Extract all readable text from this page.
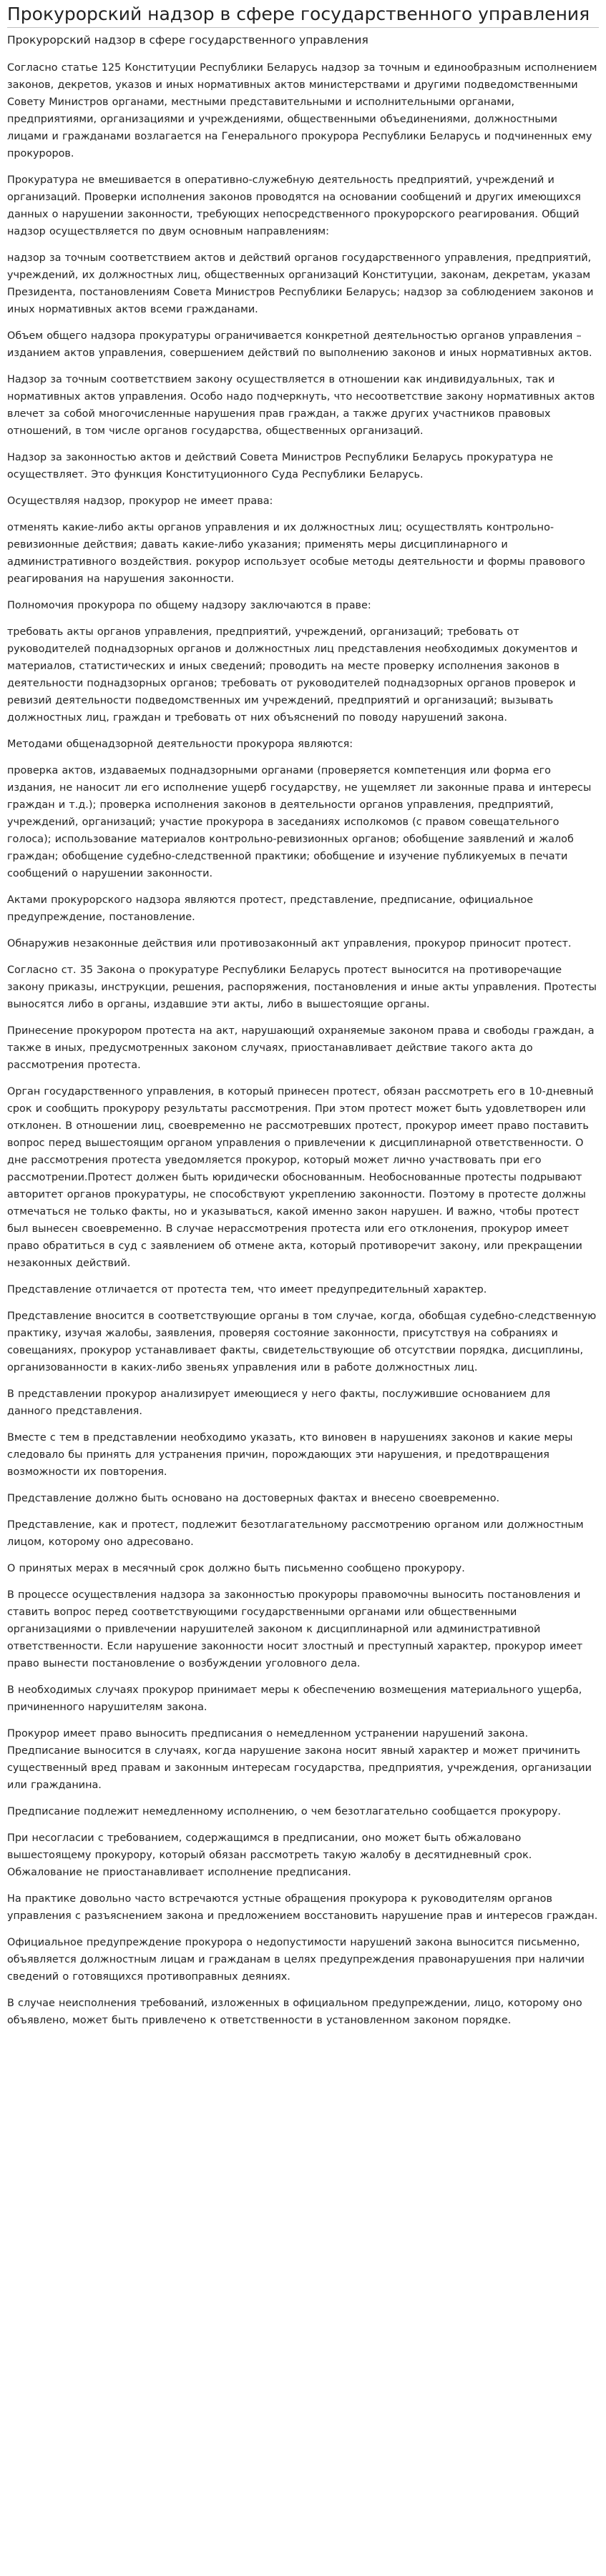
Прокурорский надзор в сфере государственного управления
Прокурорский надзор в сфере государственного управления

Согласно статье 125 Конституции Республики Беларусь надзор за точным и единообразным исполнением законов, декретов, указов и иных нормативных актов министерствами и другими подведомственными Совету Министров органами, местными представительными и исполнительными органами, предприятиями, организациями и учреждениями, общественными объединениями, должностными лицами и гражданами возлагается на Генерального прокурора Республики Беларусь и подчиненных ему прокуроров.

Прокуратура не вмешивается в оперативно-служебную деятельность предприятий, учреждений и организаций. Проверки исполнения законов проводятся на основании сообщений и других имеющихся данных о нарушении законности, требующих непосредственного прокурорского реагирования. Общий надзор осуществляется по двум основным направлениям:

надзор за точным соответствием актов и действий органов государственного управления, предприятий, учреждений, их должностных лиц, общественных организаций Конституции, законам, декретам, указам Президента, постановлениям Совета Министров Республики Беларусь; надзор за соблюдением законов и иных нормативных актов всеми гражданами.

Объем общего надзора прокуратуры ограничивается конкретной деятельностью органов управления – изданием актов управления, совершением действий по выполнению законов и иных нормативных актов.

Надзор за точным соответствием закону осуществляется в отношении как индивидуальных, так и нормативных актов управления. Особо надо подчеркнуть, что несоответствие закону нормативных актов влечет за собой многочисленные нарушения прав граждан, а также других участников правовых отношений, в том числе органов государства, общественных организаций.

Надзор за законностью актов и действий Совета Министров Республики Беларусь прокуратура не осуществляет. Это функция Конституционного Суда Республики Беларусь.

Осуществляя надзор, прокурор не имеет права:

отменять какие-либо акты органов управления и их должностных лиц; осуществлять контрольно-ревизионные действия; давать какие-либо указания; применять меры дисциплинарного и административного воздействия. рокурор использует особые методы деятельности и формы правового реагирования на нарушения законности.

Полномочия прокурора по общему надзору заключаются в праве:

требовать акты органов управления, предприятий, учреждений, организаций; требовать от руководителей поднадзорных органов и должностных лиц представления необходимых документов и материалов, статистических и иных сведений; проводить на месте проверку исполнения законов в деятельности поднадзорных органов; требовать от руководителей поднадзорных органов проверок и ревизий деятельности подведомственных им учреждений, предприятий и организаций; вызывать должностных лиц, граждан и требовать от них объяснений по поводу нарушений закона.

Методами общенадзорной деятельности прокурора являются:

проверка актов, издаваемых поднадзорными органами (проверяется компетенция или форма его издания, не наносит ли его исполнение ущерб государству, не ущемляет ли законные права и интересы граждан и т.д.); проверка исполнения законов в деятельности органов управления, предприятий, учреждений, организаций; участие прокурора в заседаниях исполкомов (с правом совещательного голоса); использование материалов контрольно-ревизионных органов; обобщение заявлений и жалоб граждан; обобщение судебно-следственной практики; обобщение и изучение публикуемых в печати сообщений о нарушении законности.

Актами прокурорского надзора являются протест, представление, предписание, официальное предупреждение, постановление.

Обнаружив незаконные действия или противозаконный акт управления, прокурор приносит протест.

Согласно ст. 35 Закона о прокуратуре Республики Беларусь протест выносится на противоречащие закону приказы, инструкции, решения, распоряжения, постановления и иные акты управления. Протесты выносятся либо в органы, издавшие эти акты, либо в вышестоящие органы.

Принесение прокурором протеста на акт, нарушающий охраняемые законом права и свободы граждан, а также в иных, предусмотренных законом случаях, приостанавливает действие такого акта до рассмотрения протеста.

Орган государственного управления, в который принесен протест, обязан рассмотреть его в 10-дневный срок и сообщить прокурору результаты рассмотрения. При этом протест может быть удовлетворен или отклонен. В отношении лиц, своевременно не рассмотревших протест, прокурор имеет право поставить вопрос перед вышестоящим органом управления о привлечении к дисциплинарной ответственности. О дне рассмотрения протеста уведомляется прокурор, который может лично участвовать при его рассмотрении.Протест должен быть юридически обоснованным. Необоснованные протесты подрывают авторитет органов прокуратуры, не способствуют укреплению законности. Поэтому в протесте должны отмечаться не только факты, но и указываться, какой именно закон нарушен. И важно, чтобы протест был вынесен своевременно. В случае нерассмотрения протеста или его отклонения, прокурор имеет право обратиться в суд с заявлением об отмене акта, который противоречит закону, или прекращении незаконных действий.

Представление отличается от протеста тем, что имеет предупредительный характер.

Представление вносится в соответствующие органы в том случае, когда, обобщая судебно-следственную практику, изучая жалобы, заявления, проверяя состояние законности, присутствуя на собраниях и совещаниях, прокурор устанавливает факты, свидетельствующие об отсутствии порядка, дисциплины, организованности в каких-либо звеньях управления или в работе должностных лиц.

В представлении прокурор анализирует имеющиеся у него факты, послужившие основанием для данного представления.

Вместе с тем в представлении необходимо указать, кто виновен в нарушениях законов и какие меры следовало бы принять для устранения причин, порождающих эти нарушения, и предотвращения возможности их повторения.

Представление должно быть основано на достоверных фактах и внесено своевременно.

Представление, как и протест, подлежит безотлагательному рассмотрению органом или должностным лицом, которому оно адресовано.

О принятых мерах в месячный срок должно быть письменно сообщено прокурору.

В процессе осуществления надзора за законностью прокуроры правомочны выносить постановления и ставить вопрос перед соответствующими государственными органами или общественными организациями о привлечении нарушителей законом к дисциплинарной или административной ответственности. Если нарушение законности носит злостный и преступный характер, прокурор имеет право вынести постановление о возбуждении уголовного дела.

В необходимых случаях прокурор принимает меры к обеспечению возмещения материального ущерба, причиненного нарушителям закона.

Прокурор имеет право выносить предписания о немедленном устранении нарушений закона. Предписание выносится в случаях, когда нарушение закона носит явный характер и может причинить существенный вред правам и законным интересам государства, предприятия, учреждения, организации или гражданина.

Предписание подлежит немедленному исполнению, о чем безотлагательно сообщается прокурору.

При несогласии с требованием, содержащимся в предписании, оно может быть обжаловано вышестоящему прокурору, который обязан рассмотреть такую жалобу в десятидневный срок. Обжалование не приостанавливает исполнение предписания.

На практике довольно часто встречаются устные обращения прокурора к руководителям органов управления с разъяснением закона и предложением восстановить нарушение прав и интересов граждан.

Официальное предупреждение прокурора о недопустимости нарушений закона выносится письменно, объявляется должностным лицам и гражданам в целях предупреждения правонарушения при наличии сведений о готовящихся противоправных деяниях.

В случае неисполнения требований, изложенных в официальном предупреждении, лицо, которому оно объявлено, может быть привлечено к ответственности в установленном законом порядке.
